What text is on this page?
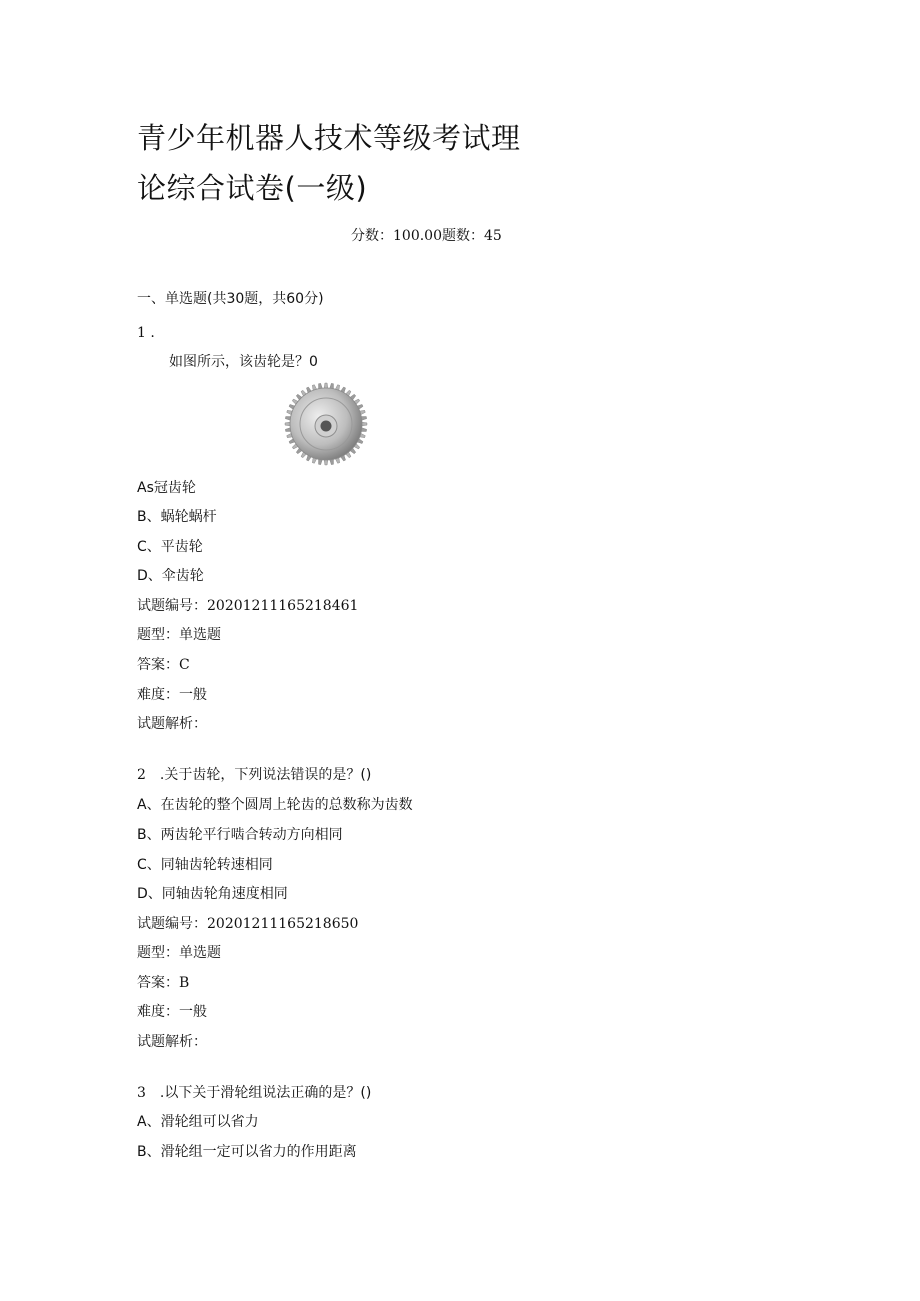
青少年机器人技术等级考试理
论综合试卷(一级)
分数：100.00题数：45
一、单选题(共30题，共60分)
1 .
如图所示，该齿轮是？0
As冠齿轮
B、蜗轮蜗杆
C、平齿轮
D、伞齿轮
试题编号：20201211165218461
题型：单选题
答案：C
难度：一般
试题解析：
2 .关于齿轮，下列说法错误的是？()
A、在齿轮的整个圆周上轮齿的总数称为齿数
B、两齿轮平行啮合转动方向相同
C、同轴齿轮转速相同
D、同轴齿轮角速度相同
试题编号：20201211165218650
题型：单选题
答案：B
难度：一般
试题解析：
3 .以下关于滑轮组说法正确的是？()
A、滑轮组可以省力
B、滑轮组一定可以省力的作用距离
